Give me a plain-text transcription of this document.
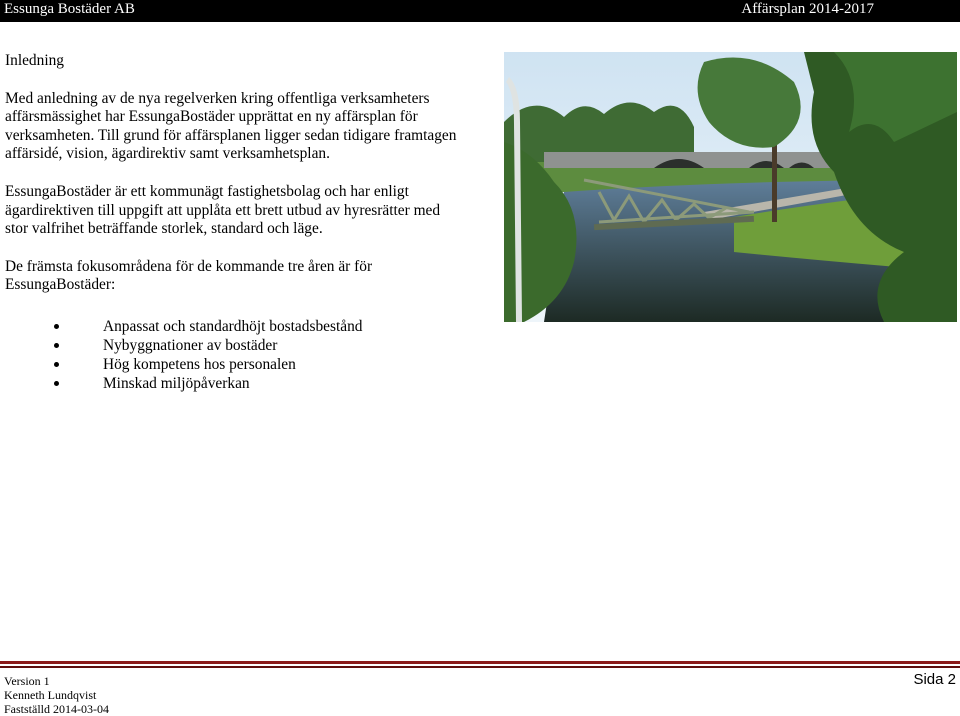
Essunga Bostäder AB	Affärsplan 2014-2017

Inledning

Med anledning av de nya regelverken kring offentliga verksamheters affärsmässighet har EssungaBostäder upprättat en ny affärsplan för verksamheten. Till grund för affärsplanen ligger sedan tidigare framtagen affärsidé, vision, ägardirektiv samt verksamhetsplan.

EssungaBostäder är ett kommunägt fastighetsbolag och har enligt ägardirektiven till uppgift att upplåta ett brett utbud av hyresrätter med stor valfrihet beträffande storlek, standard och läge.

De främsta fokusområdena för de kommande tre åren är för EssungaBostäder:

Anpassat och standardhöjt bostadsbestånd
Nybyggnationer av bostäder
Hög kompetens hos personalen
Minskad miljöpåverkan
Version 1
Kenneth Lundqvist
Fastställd 2014-03-04
Sida 2
